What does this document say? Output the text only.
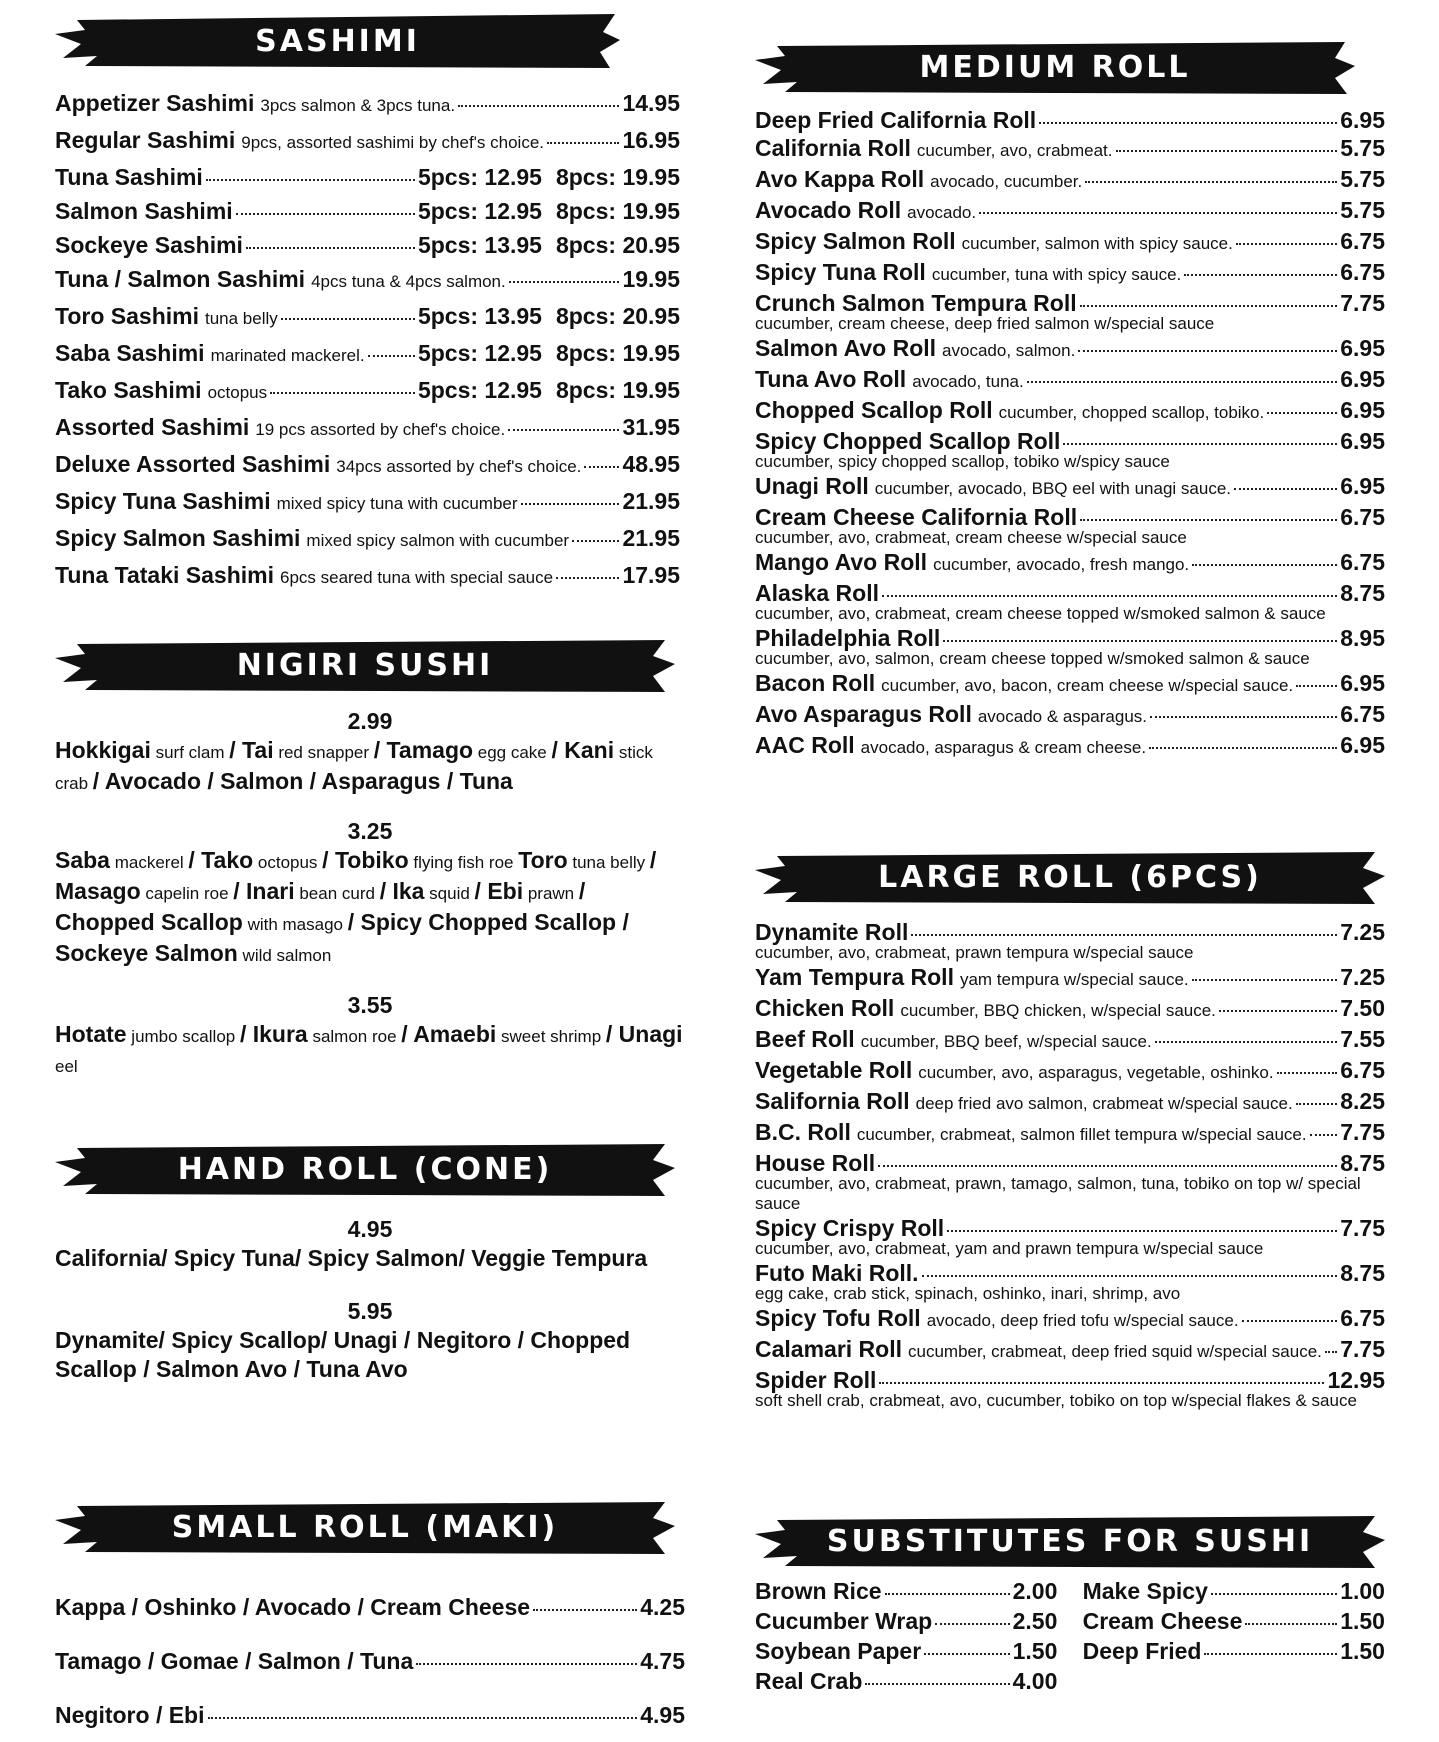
SASHIMI
Appetizer Sashimi 3pcs salmon & 3pcs tuna.	14.95
Regular Sashimi 9pcs, assorted sashimi by chef's choice.	16.95
Tuna Sashimi	5pcs: 12.95 8pcs: 19.95
Salmon Sashimi	5pcs: 12.95 8pcs: 19.95
Sockeye Sashimi	5pcs: 13.95 8pcs: 20.95
Tuna / Salmon Sashimi 4pcs tuna & 4pcs salmon.	19.95
Toro Sashimi tuna belly	5pcs: 13.95 8pcs: 20.95
Saba Sashimi marinated mackerel. 5pcs: 12.95 8pcs: 19.95
Tako Sashimi octopus	5pcs: 12.95 8pcs: 19.95
Assorted Sashimi 19 pcs assorted by chef's choice.	31.95
Deluxe Assorted Sashimi 34pcs assorted by chef's choice. 48.95
Spicy Tuna Sashimi mixed spicy tuna with cucumber	21.95
Spicy Salmon Sashimi mixed spicy salmon with cucumber 21.95
Tuna Tataki Sashimi 6pcs seared tuna with special sauce	17.95
NIGIRI SUSHI
2.99
Hokkigai surf clam / Tai red snapper / Tamago egg cake / Kani stick crab / Avocado / Salmon / Asparagus / Tuna
3.25
Saba mackerel / Tako octopus / Tobiko flying fish roe Toro tuna belly / Masago capelin roe / Inari bean curd / Ika squid / Ebi prawn / Chopped Scallop with masago / Spicy Chopped Scallop / Sockeye Salmon wild salmon
3.55
Hotate jumbo scallop / Ikura salmon roe / Amaebi sweet shrimp / Unagi eel
HAND ROLL (CONE)
4.95
California/ Spicy Tuna/ Spicy Salmon/ Veggie Tempura
5.95
Dynamite/ Spicy Scallop/ Unagi / Negitoro / Chopped Scallop / Salmon Avo / Tuna Avo
SMALL ROLL (MAKI)
Kappa / Oshinko / Avocado / Cream Cheese	4.25
Tamago / Gomae / Salmon / Tuna	4.75
Negitoro / Ebi	4.95
MEDIUM ROLL
Deep Fried California Roll	6.95
California Roll cucumber, avo, crabmeat.	5.75
Avo Kappa Roll avocado, cucumber.	5.75
Avocado Roll avocado.	5.75
Spicy Salmon Roll cucumber, salmon with spicy sauce.	6.75
Spicy Tuna Roll cucumber, tuna with spicy sauce.	6.75
Crunch Salmon Tempura Roll	7.75
cucumber, cream cheese, deep fried salmon w/special sauce
Salmon Avo Roll avocado, salmon.	6.95
Tuna Avo Roll avocado, tuna.	6.95
Chopped Scallop Roll cucumber, chopped scallop, tobiko.	6.95
Spicy Chopped Scallop Roll	6.95
cucumber, spicy chopped scallop, tobiko w/spicy sauce
Unagi Roll cucumber, avocado, BBQ eel with unagi sauce.	6.95
Cream Cheese California Roll	6.75
cucumber, avo, crabmeat, cream cheese w/special sauce
Mango Avo Roll cucumber, avocado, fresh mango.	6.75
Alaska Roll	8.75
cucumber, avo, crabmeat, cream cheese topped w/smoked salmon & sauce
Philadelphia Roll	8.95
cucumber, avo, salmon, cream cheese topped w/smoked salmon & sauce
Bacon Roll cucumber, avo, bacon, cream cheese w/special sauce. 6.95
Avo Asparagus Roll avocado & asparagus.	6.75
AAC Roll avocado, asparagus & cream cheese.	6.95
LARGE ROLL (6PCS)
Dynamite Roll	7.25
cucumber, avo, crabmeat, prawn tempura w/special sauce
Yam Tempura Roll yam tempura w/special sauce.	7.25
Chicken Roll cucumber, BBQ chicken, w/special sauce.	7.50
Beef Roll cucumber, BBQ beef, w/special sauce.	7.55
Vegetable Roll cucumber, avo, asparagus, vegetable, oshinko.	6.75
Salifornia Roll deep fried avo salmon, crabmeat w/special sauce. 8.25
B.C. Roll cucumber, crabmeat, salmon fillet tempura w/special sauce. 7.75
House Roll	8.75
cucumber, avo, crabmeat, prawn, tamago, salmon, tuna, tobiko on top w/ special sauce
Spicy Crispy Roll	7.75
cucumber, avo, crabmeat, yam and prawn tempura w/special sauce
Futo Maki Roll.	8.75
egg cake, crab stick, spinach, oshinko, inari, shrimp, avo
Spicy Tofu Roll avocado, deep fried tofu w/special sauce.	6.75
Calamari Roll cucumber, crabmeat, deep fried squid w/special sauce. 7.75
Spider Roll	12.95
soft shell crab, crabmeat, avo, cucumber, tobiko on top w/special flakes & sauce
SUBSTITUTES FOR SUSHI
Brown Rice	2.00
Cucumber Wrap	2.50
Soybean Paper	1.50
Real Crab	4.00
Make Spicy	1.00
Cream Cheese	1.50
Deep Fried	1.50
